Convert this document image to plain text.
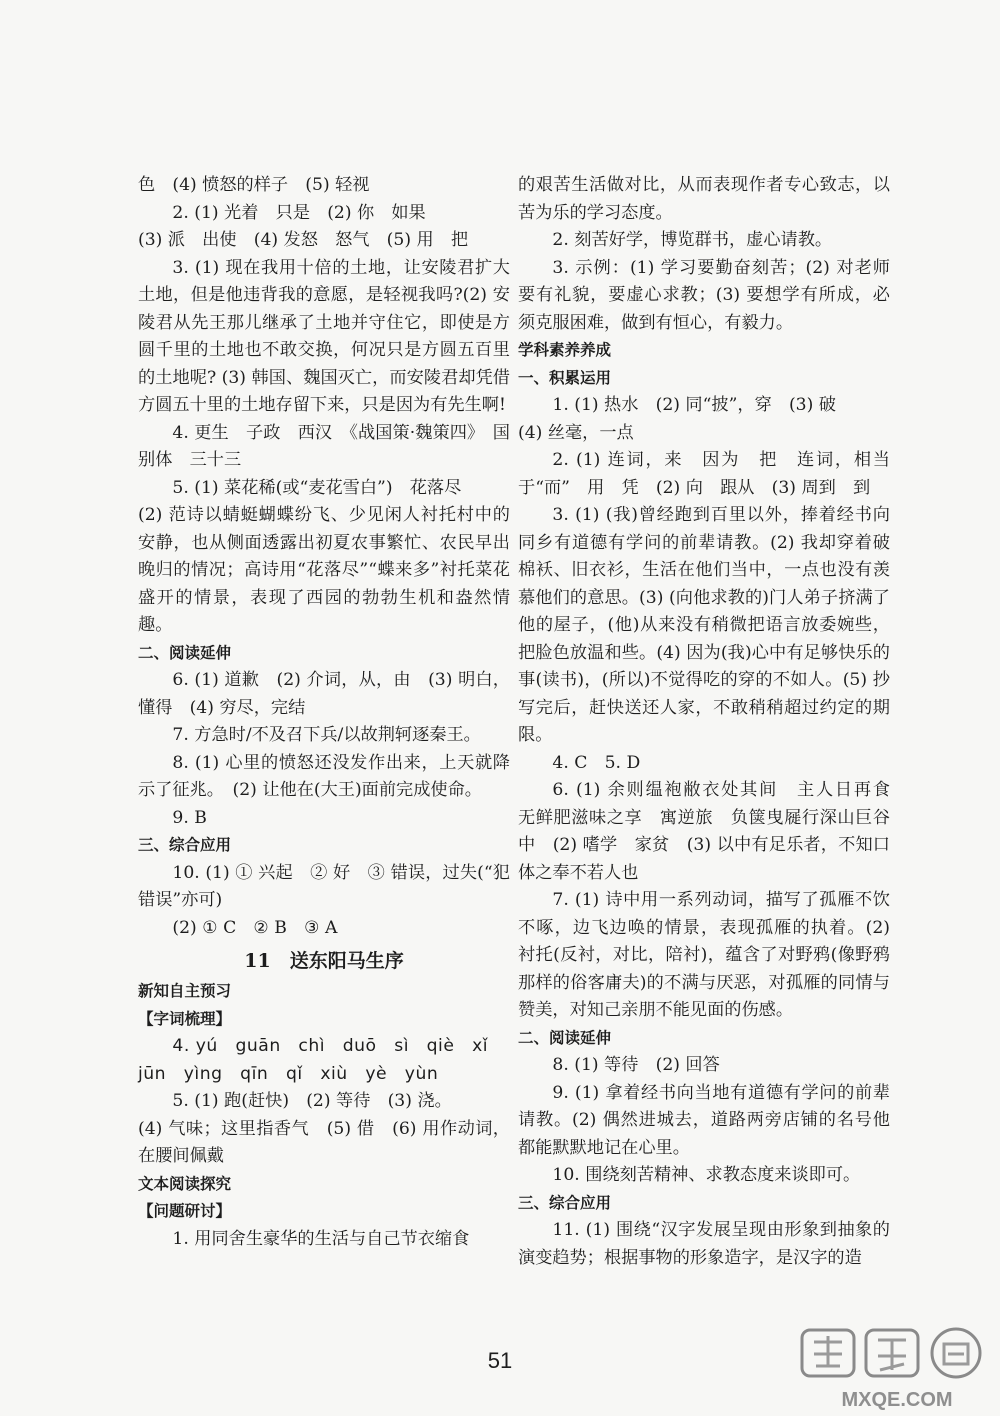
色　(4) 愤怒的样子　(5) 轻视

2. (1) 光着　只是　(2) 你　如果

(3) 派　出使　(4) 发怒　怒气　(5) 用　把

3. (1) 现在我用十倍的土地，让安陵君扩大土地，但是他违背我的意愿，是轻视我吗?(2) 安陵君从先王那儿继承了土地并守住它，即使是方圆千里的土地也不敢交换，何况只是方圆五百里的土地呢? (3) 韩国、魏国灭亡，而安陵君却凭借方圆五十里的土地存留下来，只是因为有先生啊!

4. 更生　子政　西汉　《战国策·魏策四》　国别体　三十三

5. (1) 菜花稀(或“麦花雪白”)　花落尽

(2) 范诗以蜻蜓蝴蝶纷飞、少见闲人衬托村中的安静，也从侧面透露出初夏农事繁忙、农民早出晚归的情况；高诗用“花落尽”“蝶来多”衬托菜花盛开的情景，表现了西园的勃勃生机和盎然情趣。

二、阅读延伸

6. (1) 道歉　(2) 介词，从，由　(3) 明白，懂得　(4) 穷尽，完结

7. 方急时/不及召下兵/以故荆轲逐秦王。

8. (1) 心里的愤怒还没发作出来，上天就降示了征兆。　(2) 让他在(大王)面前完成使命。

9. B

三、综合应用

10. (1) ① 兴起　② 好　③ 错误，过失(“犯错误”亦可)

(2) ① C　② B　③ A

11　送东阳马生序

新知自主预习

【字词梳理】

4. yú　guān　chì　duō　sì　qiè　xǐ

jūn　yìng　qīn　qǐ　xiù　yè　yùn

5. (1) 跑(赶快)　(2) 等待　(3) 浇。

(4) 气味；这里指香气　(5) 借　(6) 用作动词，在腰间佩戴

文本阅读探究

【问题研讨】

1. 用同舍生豪华的生活与自己节衣缩食

的艰苦生活做对比，从而表现作者专心致志，以苦为乐的学习态度。

2. 刻苦好学，博览群书，虚心请教。

3. 示例：(1) 学习要勤奋刻苦；(2) 对老师要有礼貌，要虚心求教；(3) 要想学有所成，必须克服困难，做到有恒心，有毅力。

学科素养养成

一、积累运用

1. (1) 热水　(2) 同“披”，穿　(3) 破

(4) 丝毫，一点

2. (1) 连词，来　因为　把　连词，相当于“而”　用　凭　(2) 向　跟从　(3) 周到　到

3. (1) (我)曾经跑到百里以外，捧着经书向同乡有道德有学问的前辈请教。(2) 我却穿着破棉袄、旧衣衫，生活在他们当中，一点也没有羡慕他们的意思。(3) (向他求教的)门人弟子挤满了他的屋子，(他)从来没有稍微把语言放委婉些，把脸色放温和些。(4) 因为(我)心中有足够快乐的事(读书)，(所以)不觉得吃的穿的不如人。(5) 抄写完后，赶快送还人家，不敢稍稍超过约定的期限。

4. C　5. D

6. (1) 余则缊袍敝衣处其间　主人日再食　无鲜肥滋味之享　寓逆旅　负箧曳屣行深山巨谷中　(2) 嗜学　家贫　(3) 以中有足乐者，不知口体之奉不若人也

7. (1) 诗中用一系列动词，描写了孤雁不饮不啄，边飞边唤的情景，表现孤雁的执着。(2) 衬托(反衬，对比，陪衬)，蕴含了对野鸦(像野鸦那样的俗客庸夫)的不满与厌恶，对孤雁的同情与赞美，对知己亲朋不能见面的伤感。

二、阅读延伸

8. (1) 等待　(2) 回答

9. (1) 拿着经书向当地有道德有学问的前辈请教。(2) 偶然进城去，道路两旁店铺的名号他都能默默地记在心里。

10. 围绕刻苦精神、求教态度来谈即可。

三、综合应用

11. (1) 围绕“汉字发展呈现由形象到抽象的演变趋势；根据事物的形象造字，是汉字的造

51
MXQE.COM
